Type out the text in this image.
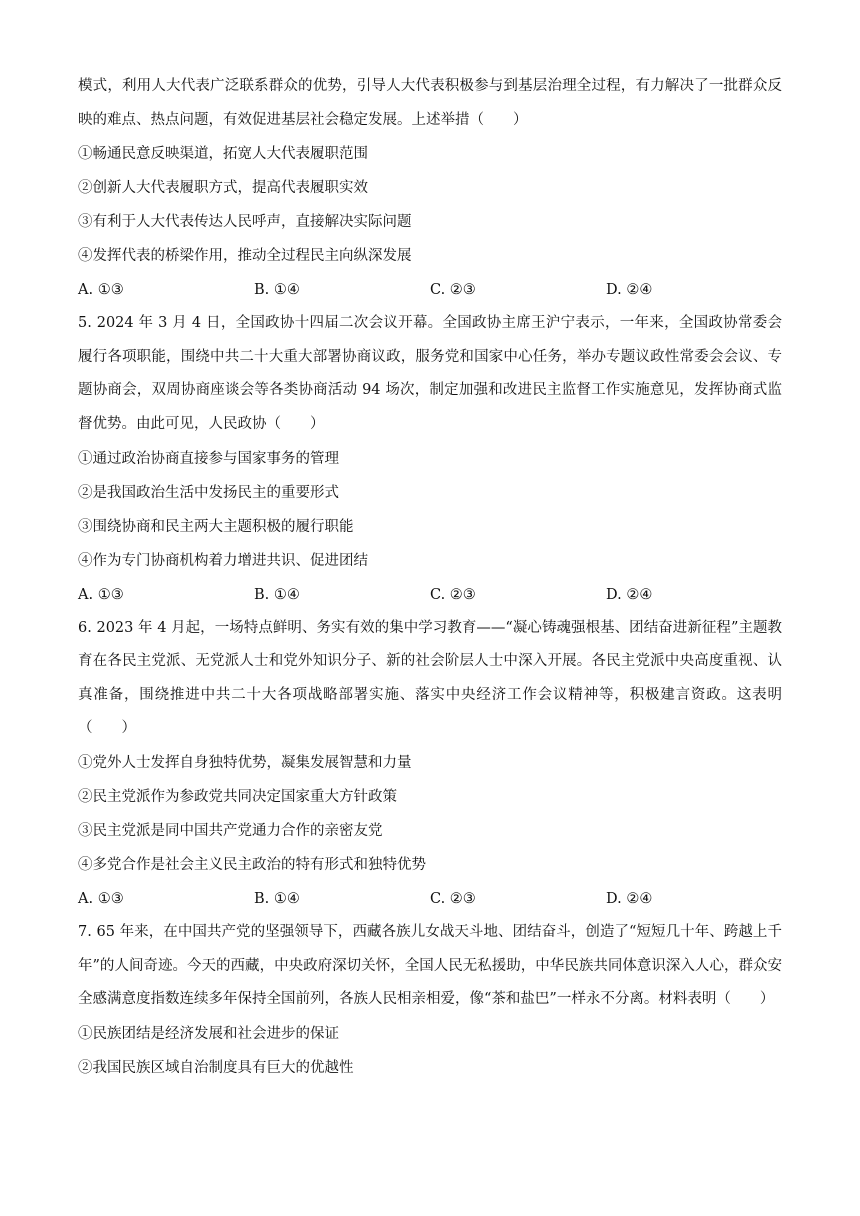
模式，利用人大代表广泛联系群众的优势，引导人大代表积极参与到基层治理全过程，有力解决了一批群众反映的难点、热点问题，有效促进基层社会稳定发展。上述举措（　　）
①畅通民意反映渠道，拓宽人大代表履职范围
②创新人大代表履职方式，提高代表履职实效
③有利于人大代表传达人民呼声，直接解决实际问题
④发挥代表的桥梁作用，推动全过程民主向纵深发展
A. ①③	B. ①④	C. ②③	D. ②④
5. 2024 年 3 月 4 日，全国政协十四届二次会议开幕。全国政协主席王沪宁表示，一年来，全国政协常委会履行各项职能，围绕中共二十大重大部署协商议政，服务党和国家中心任务，举办专题议政性常委会会议、专题协商会，双周协商座谈会等各类协商活动 94 场次，制定加强和改进民主监督工作实施意见，发挥协商式监督优势。由此可见，人民政协（　　）
①通过政治协商直接参与国家事务的管理
②是我国政治生活中发扬民主的重要形式
③围绕协商和民主两大主题积极的履行职能
④作为专门协商机构着力增进共识、促进团结
A. ①③	B. ①④	C. ②③	D. ②④
6. 2023 年 4 月起，一场特点鲜明、务实有效的集中学习教育——“凝心铸魂强根基、团结奋进新征程”主题教育在各民主党派、无党派人士和党外知识分子、新的社会阶层人士中深入开展。各民主党派中央高度重视、认真准备，围绕推进中共二十大各项战略部署实施、落实中央经济工作会议精神等，积极建言资政。这表明（　　）
①党外人士发挥自身独特优势，凝集发展智慧和力量
②民主党派作为参政党共同决定国家重大方针政策
③民主党派是同中国共产党通力合作的亲密友党
④多党合作是社会主义民主政治的特有形式和独特优势
A. ①③	B. ①④	C. ②③	D. ②④
7. 65 年来，在中国共产党的坚强领导下，西藏各族儿女战天斗地、团结奋斗，创造了“短短几十年、跨越上千年”的人间奇迹。今天的西藏，中央政府深切关怀，全国人民无私援助，中华民族共同体意识深入人心，群众安全感满意度指数连续多年保持全国前列，各族人民相亲相爱，像“茶和盐巴”一样永不分离。材料表明（　　）
①民族团结是经济发展和社会进步的保证
②我国民族区域自治制度具有巨大的优越性
